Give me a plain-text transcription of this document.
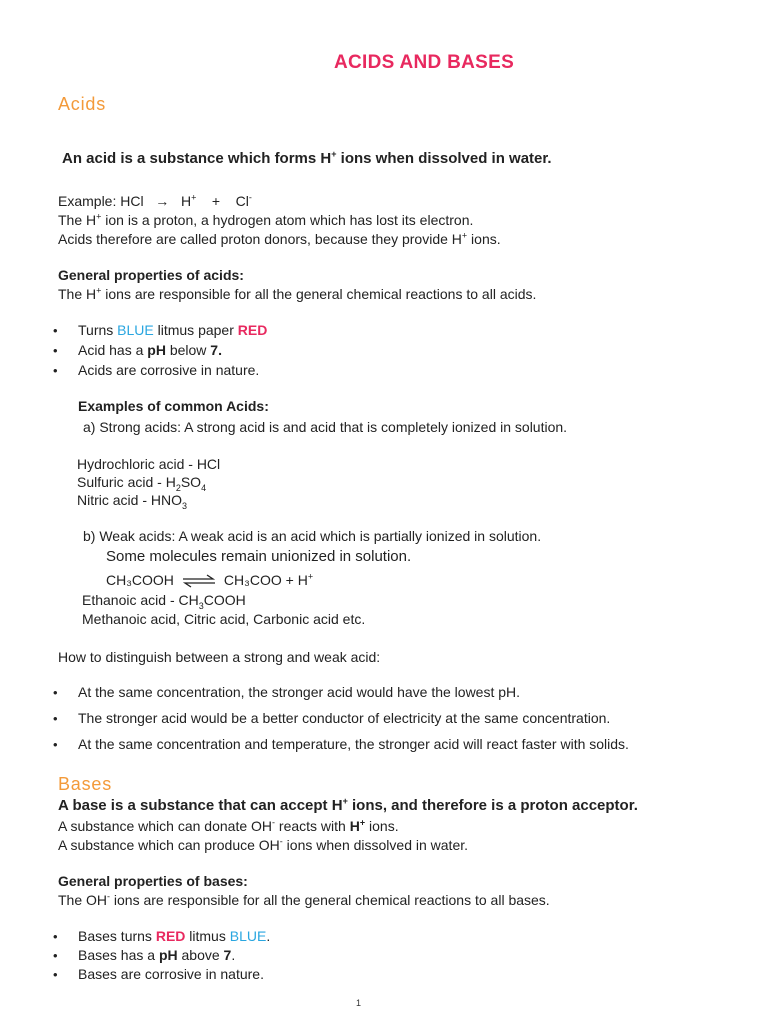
ACIDS AND BASES
Acids
An acid is a substance which forms H+ ions when dissolved in water.
Example: HCl → H+ + Cl-
The H+ ion is a proton, a hydrogen atom which has lost its electron.
Acids therefore are called proton donors, because they provide H+ ions.
General properties of acids:
The H+ ions are responsible for all the general chemical reactions to all acids.
• Turns BLUE litmus paper RED
• Acid has a pH below 7.
• Acids are corrosive in nature.
Examples of common Acids:
a) Strong acids: A strong acid is and acid that is completely ionized in solution.
Hydrochloric acid - HCl
Sulfuric acid - $H_2SO_4$
Nitric acid - $HNO_3$
b) Weak acids: A weak acid is an acid which is partially ionized in solution.
Some molecules remain unionized in solution.
CH₃COOH ⇌ CH₃COO + H+
Ethanoic acid - $CH_3COOH$
Methanoic acid, Citric acid, Carbonic acid etc.
How to distinguish between a strong and weak acid:
• At the same concentration, the stronger acid would have the lowest pH.
• The stronger acid would be a better conductor of electricity at the same concentration.
• At the same concentration and temperature, the stronger acid will react faster with solids.
Bases
A base is a substance that can accept H+ ions, and therefore is a proton acceptor.
A substance which can donate OH- reacts with H+ ions.
A substance which can produce OH- ions when dissolved in water.
General properties of bases:
The OH- ions are responsible for all the general chemical reactions to all bases.
• Bases turns RED litmus BLUE.
• Bases has a pH above 7.
• Bases are corrosive in nature.
1
